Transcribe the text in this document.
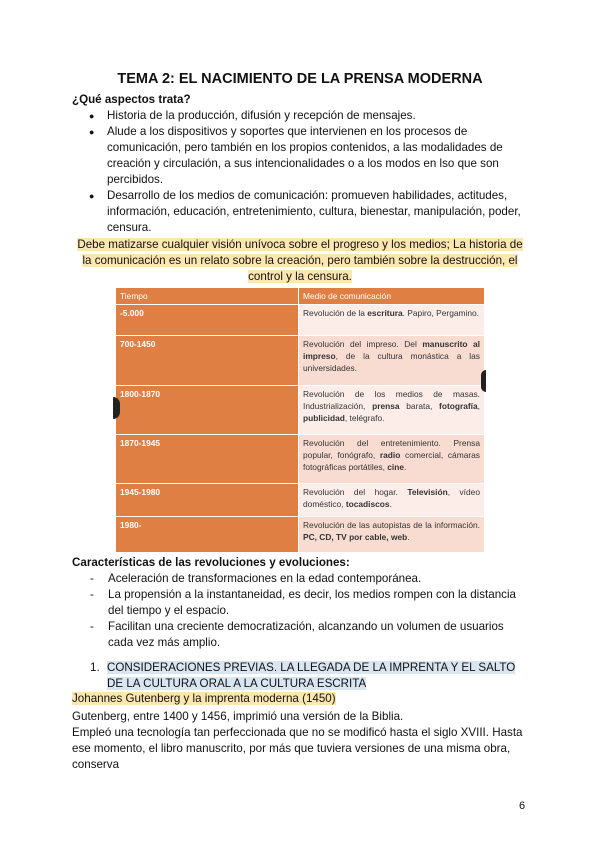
TEMA 2: EL NACIMIENTO DE LA PRENSA MODERNA
¿Qué aspectos trata?
● Historia de la producción, difusión y recepción de mensajes.
● Alude a los dispositivos y soportes que intervienen en los procesos de comunicación, pero también en los propios contenidos, a las modalidades de creación y circulación, a sus intencionalidades o a los modos en lso que son percibidos.
● Desarrollo de los medios de comunicación: promueven habilidades, actitudes, información, educación, entretenimiento, cultura, bienestar, manipulación, poder, censura.
Debe matizarse cualquier visión unívoca sobre el progreso y los medios; La historia de la comunicación es un relato sobre la creación, pero también sobre la destrucción, el control y la censura.
Tiempo	Medio de comunicación
-5.000	Revolución de la escritura. Papiro, Pergamino.
700-1450	Revolución del impreso. Del manuscrito al impreso, de la cultura monástica a las universidades.
1800-1870	Revolución de los medios de masas. Industrialización, prensa barata, fotografía, publicidad, telégrafo.
1870-1945	Revolución del entretenimiento. Prensa popular, fonógrafo, radio comercial, cámaras fotográficas portátiles, cine.
1945-1980	Revolución del hogar. Televisión, vídeo doméstico, tocadiscos.
1980-	Revolución de las autopistas de la información. PC, CD, TV por cable, web.
Características de las revoluciones y evoluciones:
- Aceleración de transformaciones en la edad contemporánea.
- La propensión a la instantaneidad, es decir, los medios rompen con la distancia del tiempo y el espacio.
- Facilitan una creciente democratización, alcanzando un volumen de usuarios cada vez más amplio.
1. CONSIDERACIONES PREVIAS. LA LLEGADA DE LA IMPRENTA Y EL SALTO DE LA CULTURA ORAL A LA CULTURA ESCRITA
Johannes Gutenberg y la imprenta moderna (1450)
Gutenberg, entre 1400 y 1456, imprimió una versión de la Biblia.
Empleó una tecnología tan perfeccionada que no se modificó hasta el siglo XVIII. Hasta ese momento, el libro manuscrito, por más que tuviera versiones de una misma obra, conserva
6
